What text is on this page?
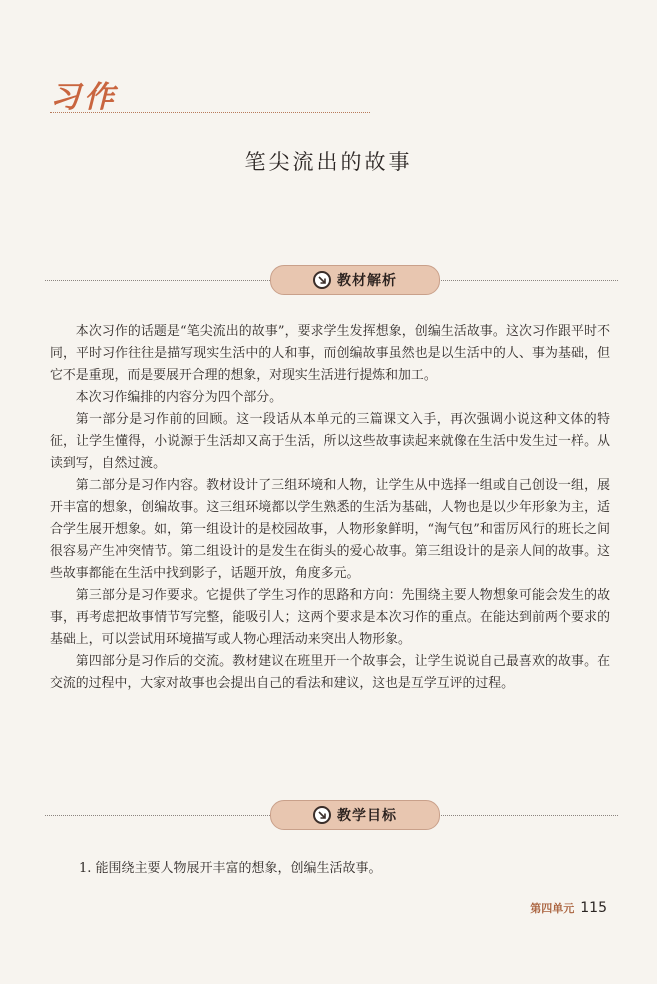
习作
笔尖流出的故事
教材解析

本次习作的话题是“笔尖流出的故事”，要求学生发挥想象，创编生活故事。这次习作跟平时不同，平时习作往往是描写现实生活中的人和事，而创编故事虽然也是以生活中的人、事为基础，但它不是重现，而是要展开合理的想象，对现实生活进行提炼和加工。

本次习作编排的内容分为四个部分。

第一部分是习作前的回顾。这一段话从本单元的三篇课文入手，再次强调小说这种文体的特征，让学生懂得，小说源于生活却又高于生活，所以这些故事读起来就像在生活中发生过一样。从读到写，自然过渡。

第二部分是习作内容。教材设计了三组环境和人物，让学生从中选择一组或自己创设一组，展开丰富的想象，创编故事。这三组环境都以学生熟悉的生活为基础，人物也是以少年形象为主，适合学生展开想象。如，第一组设计的是校园故事，人物形象鲜明，“淘气包”和雷厉风行的班长之间很容易产生冲突情节。第二组设计的是发生在街头的爱心故事。第三组设计的是亲人间的故事。这些故事都能在生活中找到影子，话题开放，角度多元。

第三部分是习作要求。它提供了学生习作的思路和方向：先围绕主要人物想象可能会发生的故事，再考虑把故事情节写完整，能吸引人；这两个要求是本次习作的重点。在能达到前两个要求的基础上，可以尝试用环境描写或人物心理活动来突出人物形象。

第四部分是习作后的交流。教材建议在班里开一个故事会，让学生说说自己最喜欢的故事。在交流的过程中，大家对故事也会提出自己的看法和建议，这也是互学互评的过程。

教学目标
1. 能围绕主要人物展开丰富的想象，创编生活故事。
第四单元 115
